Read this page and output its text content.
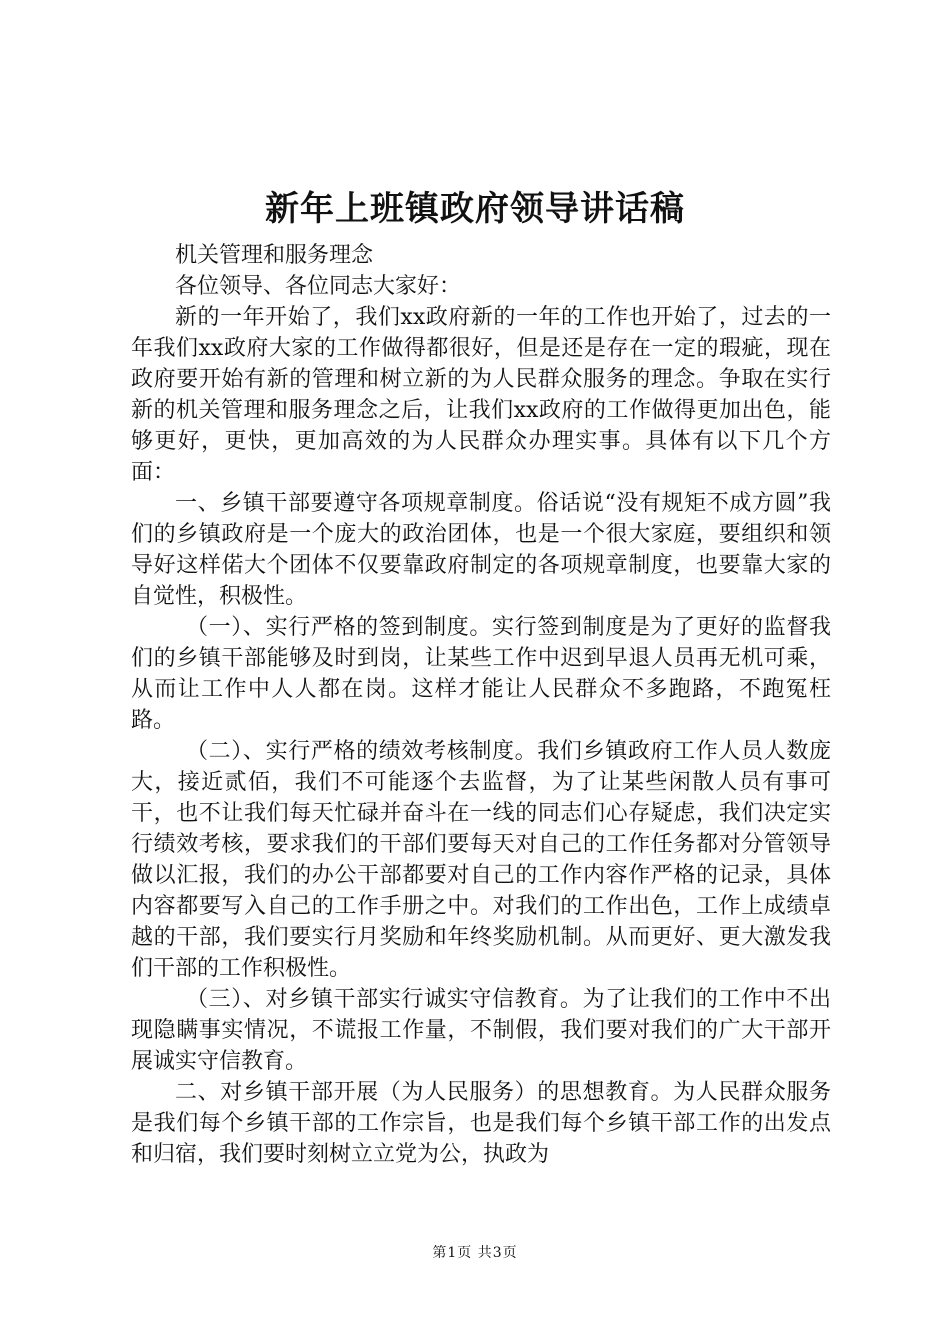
新年上班镇政府领导讲话稿

机关管理和服务理念

各位领导、各位同志大家好：

新的一年开始了，我们xx政府新的一年的工作也开始了，过去的一年我们xx政府大家的工作做得都很好，但是还是存在一定的瑕疵，现在政府要开始有新的管理和树立新的为人民群众服务的理念。争取在实行新的机关管理和服务理念之后，让我们xx政府的工作做得更加出色，能够更好，更快，更加高效的为人民群众办理实事。具体有以下几个方面：

一、乡镇干部要遵守各项规章制度。俗话说“没有规矩不成方圆”我们的乡镇政府是一个庞大的政治团体，也是一个很大家庭，要组织和领导好这样偌大个团体不仅要靠政府制定的各项规章制度，也要靠大家的自觉性，积极性。

（一）、实行严格的签到制度。实行签到制度是为了更好的监督我们的乡镇干部能够及时到岗，让某些工作中迟到早退人员再无机可乘，从而让工作中人人都在岗。这样才能让人民群众不多跑路，不跑冤枉路。

（二）、实行严格的绩效考核制度。我们乡镇政府工作人员人数庞大，接近贰佰，我们不可能逐个去监督，为了让某些闲散人员有事可干，也不让我们每天忙碌并奋斗在一线的同志们心存疑虑，我们决定实行绩效考核，要求我们的干部们要每天对自己的工作任务都对分管领导做以汇报，我们的办公干部都要对自己的工作内容作严格的记录，具体内容都要写入自己的工作手册之中。对我们的工作出色，工作上成绩卓越的干部，我们要实行月奖励和年终奖励机制。从而更好、更大激发我们干部的工作积极性。

（三）、对乡镇干部实行诚实守信教育。为了让我们的工作中不出现隐瞒事实情况，不谎报工作量，不制假，我们要对我们的广大干部开展诚实守信教育。

二、对乡镇干部开展（为人民服务）的思想教育。为人民群众服务是我们每个乡镇干部的工作宗旨，也是我们每个乡镇干部工作的出发点和归宿，我们要时刻树立立党为公，执政为

第1页 共3页
